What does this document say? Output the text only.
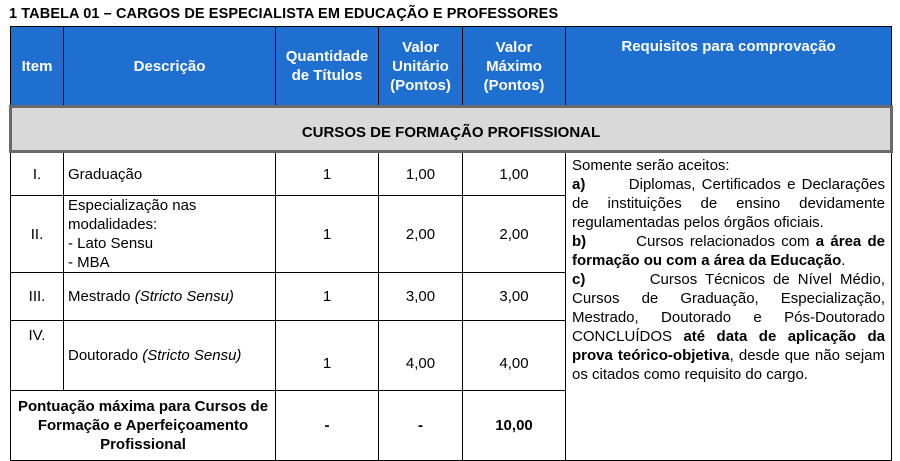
1 TABELA 01 – CARGOS DE ESPECIALISTA EM EDUCAÇÃO E PROFESSORES
Item	Descrição	Quantidade de Títulos	Valor Unitário (Pontos)	Valor Máximo (Pontos)	Requisitos para comprovação
CURSOS DE FORMAÇÃO PROFISSIONAL					
I.	Graduação	1	1,00	1,00	Somente serão aceitos:

a) Diplomas, Certificados e Declarações de instituições de ensino devidamente regulamentadas pelos órgãos oficiais.

b) Cursos relacionados com a área de formação ou com a área da Educação.

c) Cursos Técnicos de Nível Médio, Cursos de Graduação, Especialização, Mestrado, Doutorado e Pós-Doutorado CONCLUÍDOS até data de aplicação da prova teórico-objetiva, desde que não sejam os citados como requisito do cargo.

II.	Especialização nas
modalidades:
- Lato Sensu
- MBA	1	2,00	2,00	
III.	Mestrado (Stricto Sensu)	1	3,00	3,00	
IV.	Doutorado (Stricto Sensu)	1	4,00	4,00	
Pontuação máxima para Cursos de Formação e Aperfeiçoamento Profissional		-	-	10,00	
